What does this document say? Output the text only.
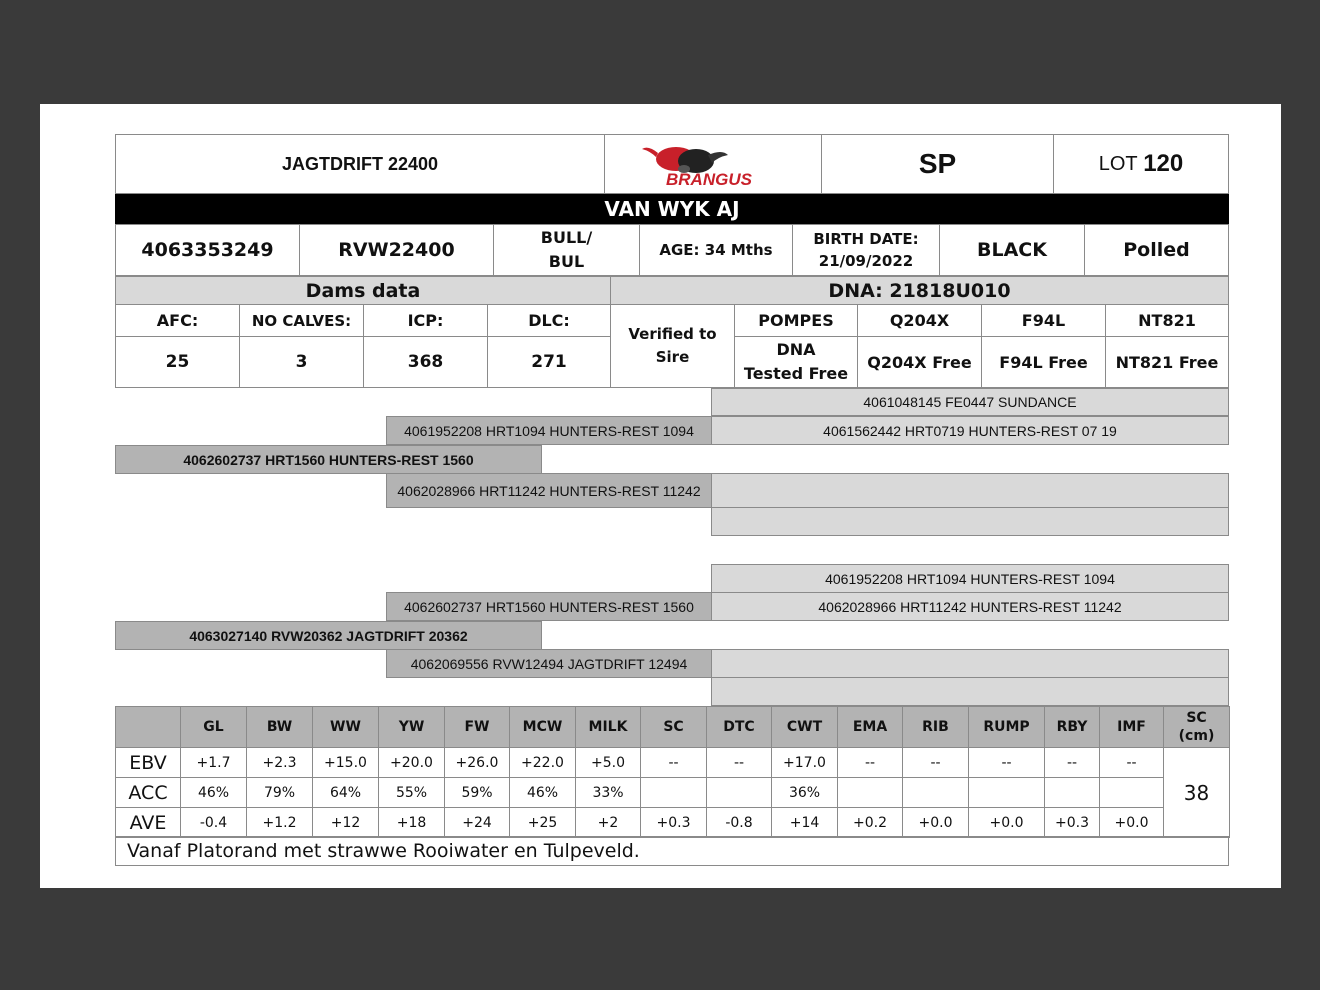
JAGTDRIFT 22400
BRANGUS
SP	LOT
120
VAN WYK AJ
4063353249	RVW22400
BULL/
BUL
AGE: 34 Mths
BIRTH DATE:
21/09/2022	BLACK	Polled
Dams data	DNA: 21818U010
AFC:	NO CALVES:	ICP:	DLC:
25	3	368	271
Verified to
Sire
POMPES	Q204X	F94L	NT821
DNA
Tested Free
Q204X Free	F94L Free	NT821 Free
4061048145 FE0447 SUNDANCE
4061952208 HRT1094 HUNTERS-REST 1094	4061562442 HRT0719 HUNTERS-REST 07 19
4062602737 HRT1560 HUNTERS-REST 1560
4062028966 HRT11242 HUNTERS-REST 11242
4061952208 HRT1094 HUNTERS-REST 1094
4062602737 HRT1560 HUNTERS-REST 1560	4062028966 HRT11242 HUNTERS-REST 11242
4063027140 RVW20362 JAGTDRIFT 20362
4062069556 RVW12494 JAGTDRIFT 12494
	GL	BW	WW	YW	FW	MCW	MILK	SC	DTC	CWT	EMA	RIB	RUMP	RBY	IMF	SC
(cm)
EBV	+1.7	+2.3	+15.0	+20.0	+26.0	+22.0	+5.0	--	--	+17.0	--	--	--	--	--	38
ACC	46%	79%	64%	55%	59%	46%	33%			36%						
AVE	-0.4	+1.2	+12	+18	+24	+25	+2	+0.3	-0.8	+14	+0.2	+0.0	+0.0	+0.3	+0.0	
Vanaf Platorand met strawwe Rooiwater en Tulpeveld.
